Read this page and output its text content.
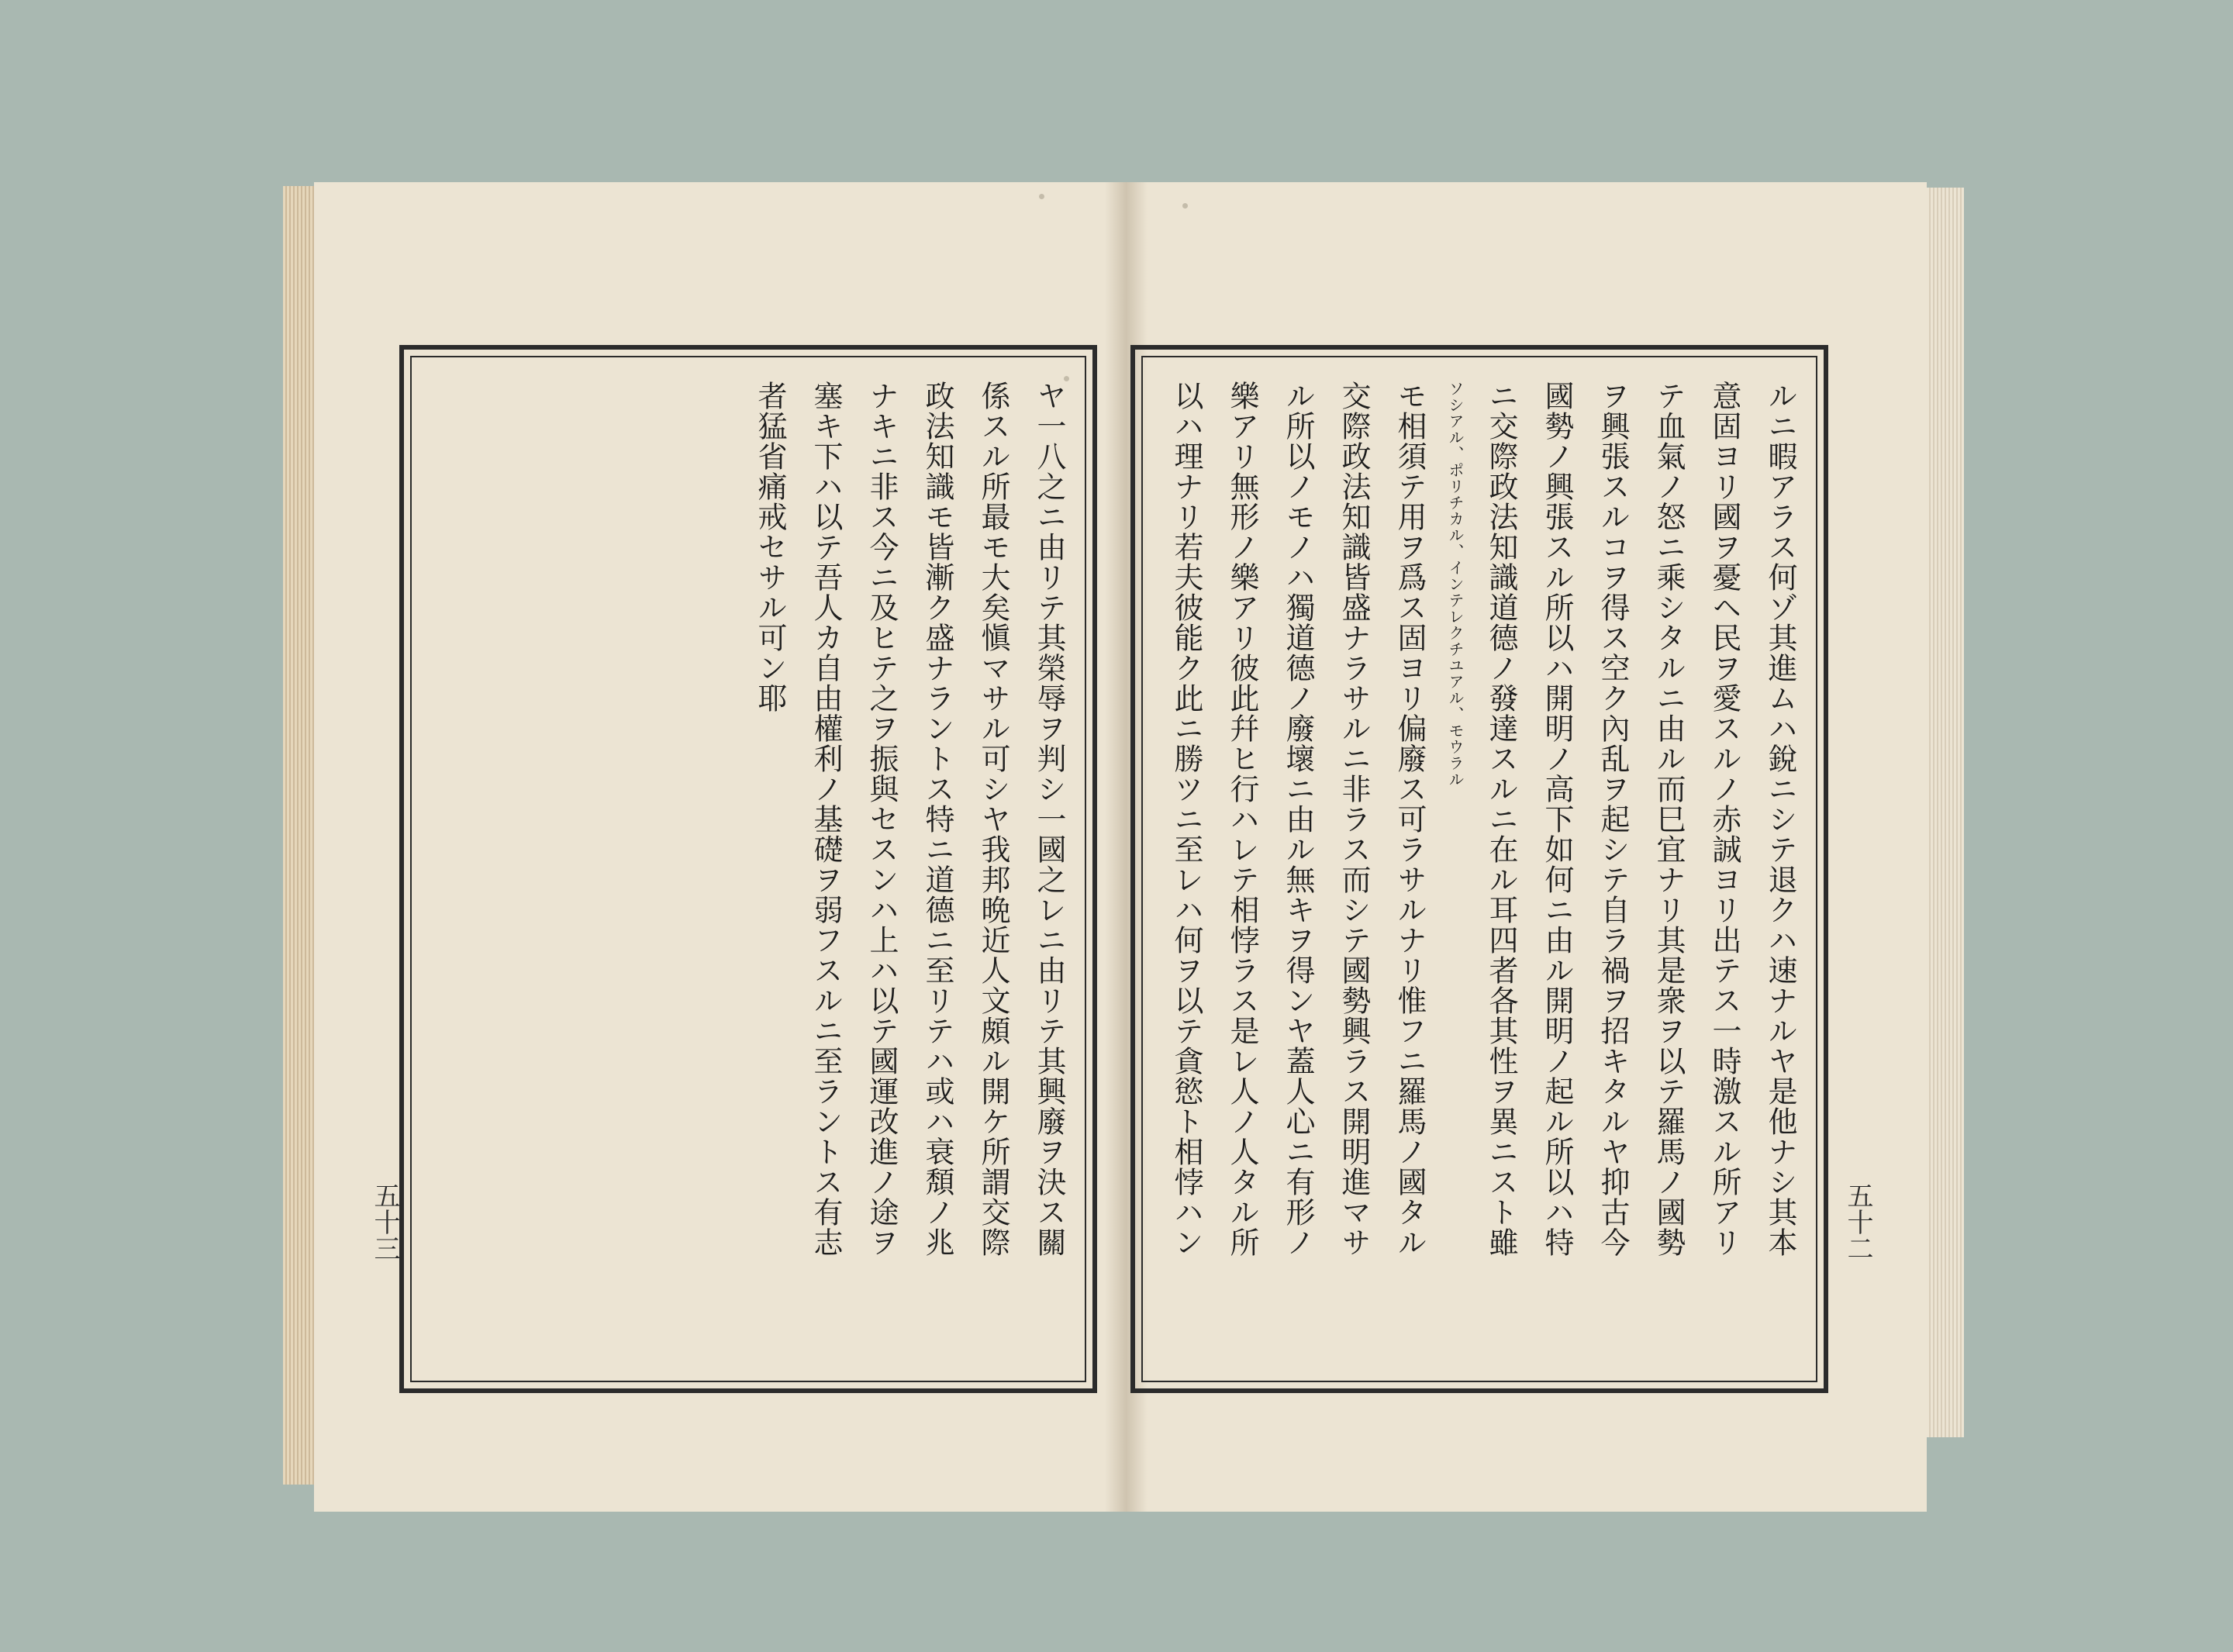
ヤ一八之ニ由リテ其榮辱ヲ判シ一國之レニ由リテ其興廢ヲ決ス關
係スル所最モ大矣愼マサル可シヤ我邦晩近人文頗ル開ケ所謂交際
政法知識モ皆漸ク盛ナラントス特ニ道德ニ至リテハ或ハ衰頽ノ兆
ナキニ非ス今ニ及ヒテ之ヲ振與セスンハ上ハ以テ國運改進ノ途ヲ
塞キ下ハ以テ吾人カ自由權利ノ基礎ヲ弱フスルニ至ラントス有志
者猛省痛戒セサル可ン耶
五十三	ルニ暇アラス何ゾ其進ムハ銳ニシテ退クハ速ナルヤ是他ナシ其本
意固ヨリ國ヲ憂ヘ民ヲ愛スルノ赤誠ヨリ出テス一時激スル所アリ
テ血氣ノ怒ニ乘シタルニ由ル而巳宜ナリ其是衆ヲ以テ羅馬ノ國勢
ヲ興張スルコヲ得ス空ク內乱ヲ起シテ自ラ禍ヲ招キタルヤ抑古今
國勢ノ興張スル所以ハ開明ノ高下如何ニ由ル開明ノ起ル所以ハ特
ニ交際政法知識道德ノ發達スルニ在ル耳四者各其性ヲ異ニスト雖
ソシアル、ポリチカル、インテレクチユアル、モウラル
モ相須テ用ヲ爲ス固ヨリ偏廢ス可ラサルナリ惟フニ羅馬ノ國タル
交際政法知識皆盛ナラサルニ非ラス而シテ國勢興ラス開明進マサ
ル所以ノモノハ獨道德ノ廢壞ニ由ル無キヲ得ンヤ蓋人心ニ有形ノ
樂アリ無形ノ樂アリ彼此幷ヒ行ハレテ相悖ラス是レ人ノ人タル所
以ハ理ナリ若夫彼能ク此ニ勝ツニ至レハ何ヲ以テ貪慾ト相悖ハン	五十二
